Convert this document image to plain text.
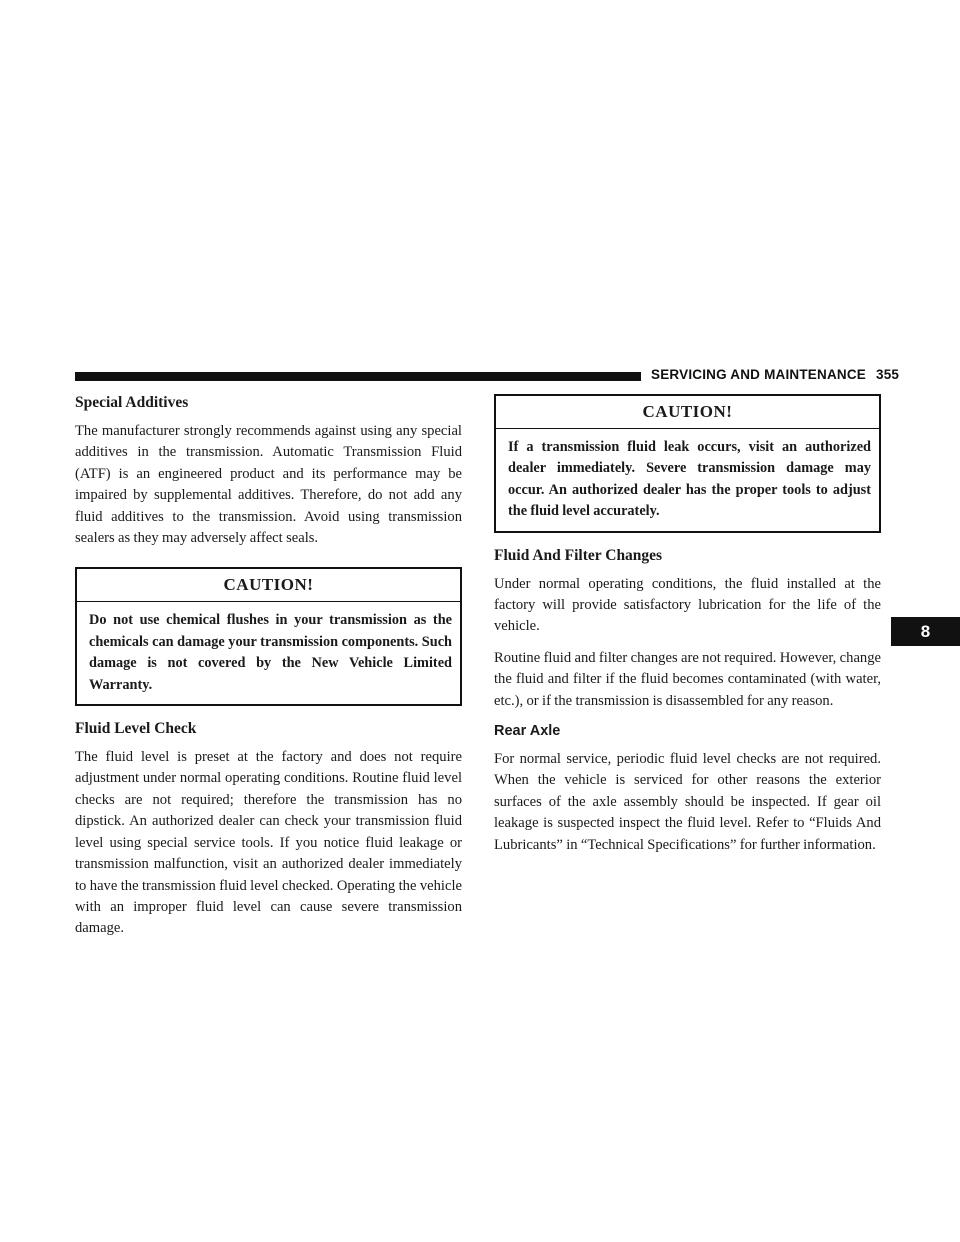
SERVICING AND MAINTENANCE 355
8
Special Additives

The manufacturer strongly recommends against using any special additives in the transmission. Automatic Transmission Fluid (ATF) is an engineered product and its performance may be impaired by supplemental additives. Therefore, do not add any fluid additives to the transmission. Avoid using transmission sealers as they may adversely affect seals.

CAUTION!
Do not use chemical flushes in your transmission as the chemicals can damage your transmission components. Such damage is not covered by the New Vehicle Limited Warranty.
Fluid Level Check

The fluid level is preset at the factory and does not require adjustment under normal operating conditions. Routine fluid level checks are not required; therefore the transmission has no dipstick. An authorized dealer can check your transmission fluid level using special service tools. If you notice fluid leakage or transmission malfunction, visit an authorized dealer immediately to have the transmission fluid level checked. Operating the vehicle with an improper fluid level can cause severe transmission damage.

CAUTION!
If a transmission fluid leak occurs, visit an authorized dealer immediately. Severe transmission damage may occur. An authorized dealer has the proper tools to adjust the fluid level accurately.
Fluid And Filter Changes

Under normal operating conditions, the fluid installed at the factory will provide satisfactory lubrication for the life of the vehicle.

Routine fluid and filter changes are not required. However, change the fluid and filter if the fluid becomes contaminated (with water, etc.), or if the transmission is disassembled for any reason.

Rear Axle

For normal service, periodic fluid level checks are not required. When the vehicle is serviced for other reasons the exterior surfaces of the axle assembly should be inspected. If gear oil leakage is suspected inspect the fluid level. Refer to “Fluids And Lubricants” in “Technical Specifications” for further information.
